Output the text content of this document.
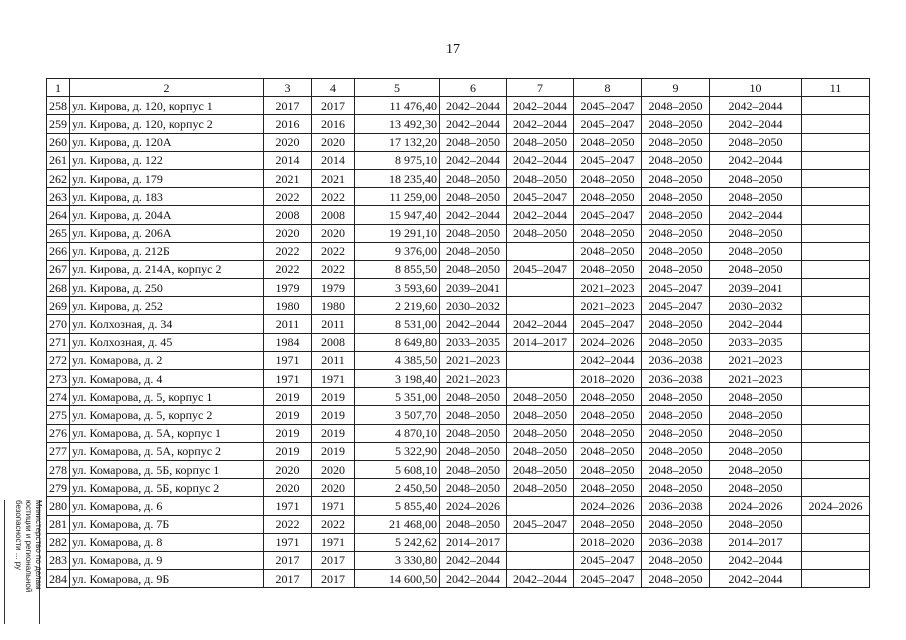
17
1	2	3	4	5	6	7	8	9	10	11
258	ул. Кирова, д. 120, корпус 1	2017	2017	11 476,40	2042–2044	2042–2044	2045–2047	2048–2050	2042–2044	
259	ул. Кирова, д. 120, корпус 2	2016	2016	13 492,30	2042–2044	2042–2044	2045–2047	2048–2050	2042–2044	
260	ул. Кирова, д. 120А	2020	2020	17 132,20	2048–2050	2048–2050	2048–2050	2048–2050	2048–2050	
261	ул. Кирова, д. 122	2014	2014	8 975,10	2042–2044	2042–2044	2045–2047	2048–2050	2042–2044	
262	ул. Кирова, д. 179	2021	2021	18 235,40	2048–2050	2048–2050	2048–2050	2048–2050	2048–2050	
263	ул. Кирова, д. 183	2022	2022	11 259,00	2048–2050	2045–2047	2048–2050	2048–2050	2048–2050	
264	ул. Кирова, д. 204А	2008	2008	15 947,40	2042–2044	2042–2044	2045–2047	2048–2050	2042–2044	
265	ул. Кирова, д. 206А	2020	2020	19 291,10	2048–2050	2048–2050	2048–2050	2048–2050	2048–2050	
266	ул. Кирова, д. 212Б	2022	2022	9 376,00	2048–2050		2048–2050	2048–2050	2048–2050	
267	ул. Кирова, д. 214А, корпус 2	2022	2022	8 855,50	2048–2050	2045–2047	2048–2050	2048–2050	2048–2050	
268	ул. Кирова, д. 250	1979	1979	3 593,60	2039–2041		2021–2023	2045–2047	2039–2041	
269	ул. Кирова, д. 252	1980	1980	2 219,60	2030–2032		2021–2023	2045–2047	2030–2032	
270	ул. Колхозная, д. 34	2011	2011	8 531,00	2042–2044	2042–2044	2045–2047	2048–2050	2042–2044	
271	ул. Колхозная, д. 45	1984	2008	8 649,80	2033–2035	2014–2017	2024–2026	2048–2050	2033–2035	
272	ул. Комарова, д. 2	1971	2011	4 385,50	2021–2023		2042–2044	2036–2038	2021–2023	
273	ул. Комарова, д. 4	1971	1971	3 198,40	2021–2023		2018–2020	2036–2038	2021–2023	
274	ул. Комарова, д. 5, корпус 1	2019	2019	5 351,00	2048–2050	2048–2050	2048–2050	2048–2050	2048–2050	
275	ул. Комарова, д. 5, корпус 2	2019	2019	3 507,70	2048–2050	2048–2050	2048–2050	2048–2050	2048–2050	
276	ул. Комарова, д. 5А, корпус 1	2019	2019	4 870,10	2048–2050	2048–2050	2048–2050	2048–2050	2048–2050	
277	ул. Комарова, д. 5А, корпус 2	2019	2019	5 322,90	2048–2050	2048–2050	2048–2050	2048–2050	2048–2050	
278	ул. Комарова, д. 5Б, корпус 1	2020	2020	5 608,10	2048–2050	2048–2050	2048–2050	2048–2050	2048–2050	
279	ул. Комарова, д. 5Б, корпус 2	2020	2020	2 450,50	2048–2050	2048–2050	2048–2050	2048–2050	2048–2050	
280	ул. Комарова, д. 6	1971	1971	5 855,40	2024–2026		2024–2026	2036–2038	2024–2026	2024–2026
281	ул. Комарова, д. 7Б	2022	2022	21 468,00	2048–2050	2045–2047	2048–2050	2048–2050	2048–2050	
282	ул. Комарова, д. 8	1971	1971	5 242,62	2014–2017		2018–2020	2036–2038	2014–2017	
283	ул. Комарова, д. 9	2017	2017	3 330,80	2042–2044		2045–2047	2048–2050	2042–2044	
284	ул. Комарова, д. 9Б	2017	2017	14 600,50	2042–2044	2042–2044	2045–2047	2048–2050	2042–2044	
Министерство по делам
юстиции и региональной
безопасности ... ру
